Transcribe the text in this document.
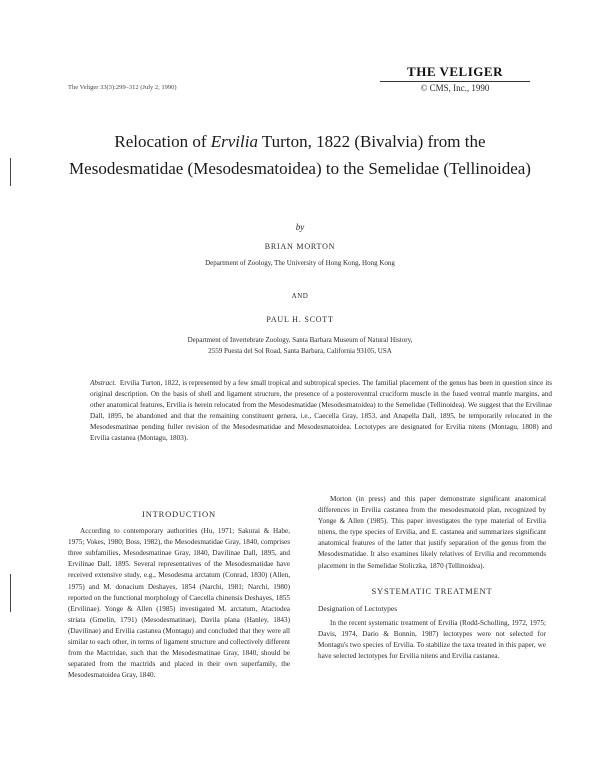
THE VELIGER
© CMS, Inc., 1990
The Veliger 33(3):299–312 (July 2, 1990)
Relocation of Ervilia Turton, 1822 (Bivalvia) from the Mesodesmatidae (Mesodesmatoidea) to the Semelidae (Tellinoidea)
by
BRIAN MORTON
Department of Zoology, The University of Hong Kong, Hong Kong
AND
PAUL H. SCOTT
Department of Invertebrate Zoology, Santa Barbara Museum of Natural History,
2559 Puesta del Sol Road, Santa Barbara, California 93105, USA
Abstract. Ervilia Turton, 1822, is represented by a few small tropical and subtropical species. The familial placement of the genus has been in question since its original description. On the basis of shell and ligament structure, the presence of a posteroventral cruciform muscle in the fused ventral mantle margins, and other anatomical features, Ervilia is herein relocated from the Mesodesmatidae (Mesodesmatoidea) to the Semelidae (Tellinoidea). We suggest that the Ervilinae Dall, 1895, be abandoned and that the remaining constituent genera, i.e., Caecella Gray, 1853, and Anapella Dall, 1895, be temporarily relocated in the Mesodesmatinae pending fuller revision of the Mesodesmatidae and Mesodesmatoidea. Lectotypes are designated for Ervilia nitens (Montagu, 1808) and Ervilia castanea (Montagu, 1803).
INTRODUCTION

According to contemporary authorities (Hu, 1971; Sakurai & Habe, 1975; Vokes, 1980; Boss, 1982), the Mesodesmatidae Gray, 1840, comprises three subfamilies, Mesodesmatinae Gray, 1840, Davilinae Dall, 1895, and Ervilinae Dall, 1895. Several representatives of the Mesodesmatidae have received extensive study, e.g., Mesodesma arctatum (Conrad, 1830) (Allen, 1975) and M. donacium Deshayes, 1854 (Narchi, 1981; Narchi, 1980) reported on the functional morphology of Caecella chinensis Deshayes, 1855 (Ervilinae). Yonge & Allen (1985) investigated M. arctatum, Atactodea striata (Gmelin, 1791) (Mesodesmatinae), Davila plana (Hanley, 1843) (Davilinae) and Ervilia castanea (Montagu) and concluded that they were all similar to each other, in terms of ligament structure and collectively different from the Mactridae, such that the Mesodesmatinae Gray, 1840, should be separated from the mactrids and placed in their own superfamily, the Mesodesmatoidea Gray, 1840.

Morton (in press) and this paper demonstrate significant anatomical differences in Ervilia castanea from the mesodesmatoid plan, recognized by Yonge & Allen (1985). This paper investigates the type material of Ervilia nitens, the type species of Ervilia, and E. castanea and summarizes significant anatomical features of the latter that justify separation of the genus from the Mesodesmatidae. It also examines likely relatives of Ervilia and recommends placement in the Semelidae Stoliczka, 1870 (Tellinoidea).

SYSTEMATIC TREATMENT
Designation of Lectotypes

In the recent systematic treatment of Ervilia (Rodd-Scholling, 1972, 1975; Davis, 1974, Dario & Bonnin, 1987) lectotypes were not selected for Montagu's two species of Ervilia. To stabilize the taxa treated in this paper, we have selected lectotypes for Ervilia nitens and Ervilia castanea.
